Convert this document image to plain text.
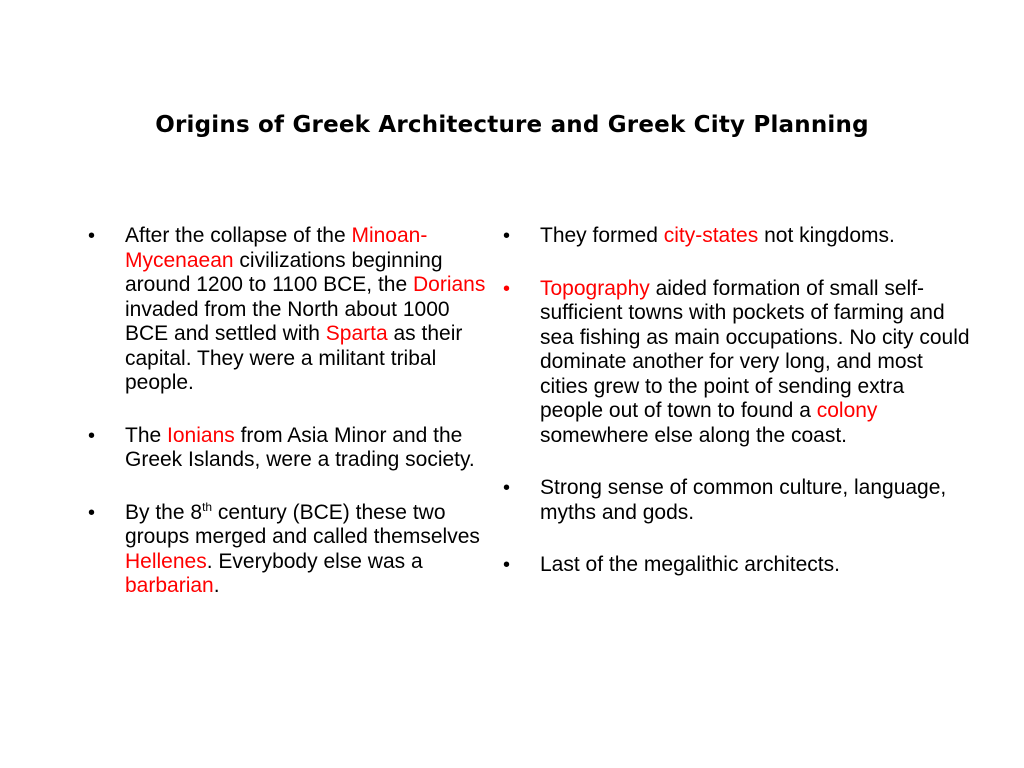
Origins of Greek Architecture and Greek City Planning
• After the collapse of the Minoan-Mycenaean civilizations beginning around 1200 to 1100 BCE, the Dorians invaded from the North about 1000 BCE and settled with Sparta as their capital. They were a militant tribal people.
• The Ionians from Asia Minor and the Greek Islands, were a trading society.
• By the 8th century (BCE) these two groups merged and called themselves Hellenes. Everybody else was a barbarian.
• They formed city-states not kingdoms.
• Topography aided formation of small self-sufficient towns with pockets of farming and sea fishing as main occupations. No city could dominate another for very long, and most cities grew to the point of sending extra people out of town to found a colony somewhere else along the coast.
• Strong sense of common culture, language, myths and gods.
• Last of the megalithic architects.
